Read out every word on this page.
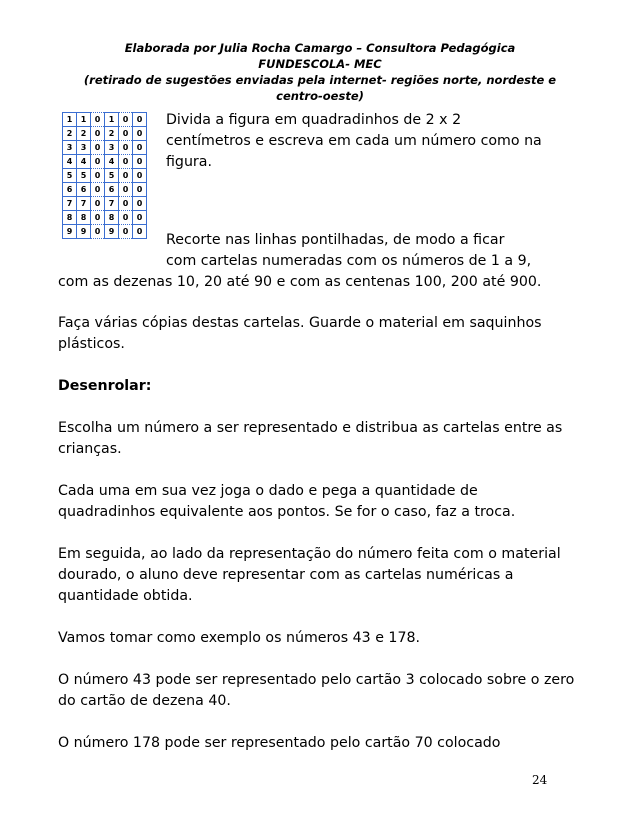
Elaborada por Julia Rocha Camargo – Consultora Pedagógica
FUNDESCOLA- MEC
(retirado de sugestões enviadas pela internet- regiões norte, nordeste e
centro-oeste)
1	1	0	1	0	0
2	2	0	2	0	0
3	3	0	3	0	0
4	4	0	4	0	0
5	5	0	5	0	0
6	6	0	6	0	0
7	7	0	7	0	0
8	8	0	8	0	0
9	9	0	9	0	0
Divida a figura em quadradinhos de 2 x 2 centímetros e escreva em cada um número como na figura.
Recorte nas linhas pontilhadas, de modo a ficar
com cartelas numeradas com os números de 1 a 9,
com as dezenas 10, 20 até 90 e com as centenas 100, 200 até 900.

Faça várias cópias destas cartelas. Guarde o material em saquinhos plásticos.

Desenrolar:

Escolha um número a ser representado e distribua as cartelas entre as crianças.

Cada uma em sua vez joga o dado e pega a quantidade de quadradinhos equivalente aos pontos. Se for o caso, faz a troca.

Em seguida, ao lado da representação do número feita com o material dourado, o aluno deve representar com as cartelas numéricas a quantidade obtida.

Vamos tomar como exemplo os números 43 e 178.

O número 43 pode ser representado pelo cartão 3 colocado sobre o zero do cartão de dezena 40.

O número 178 pode ser representado pelo cartão 70 colocado

24
